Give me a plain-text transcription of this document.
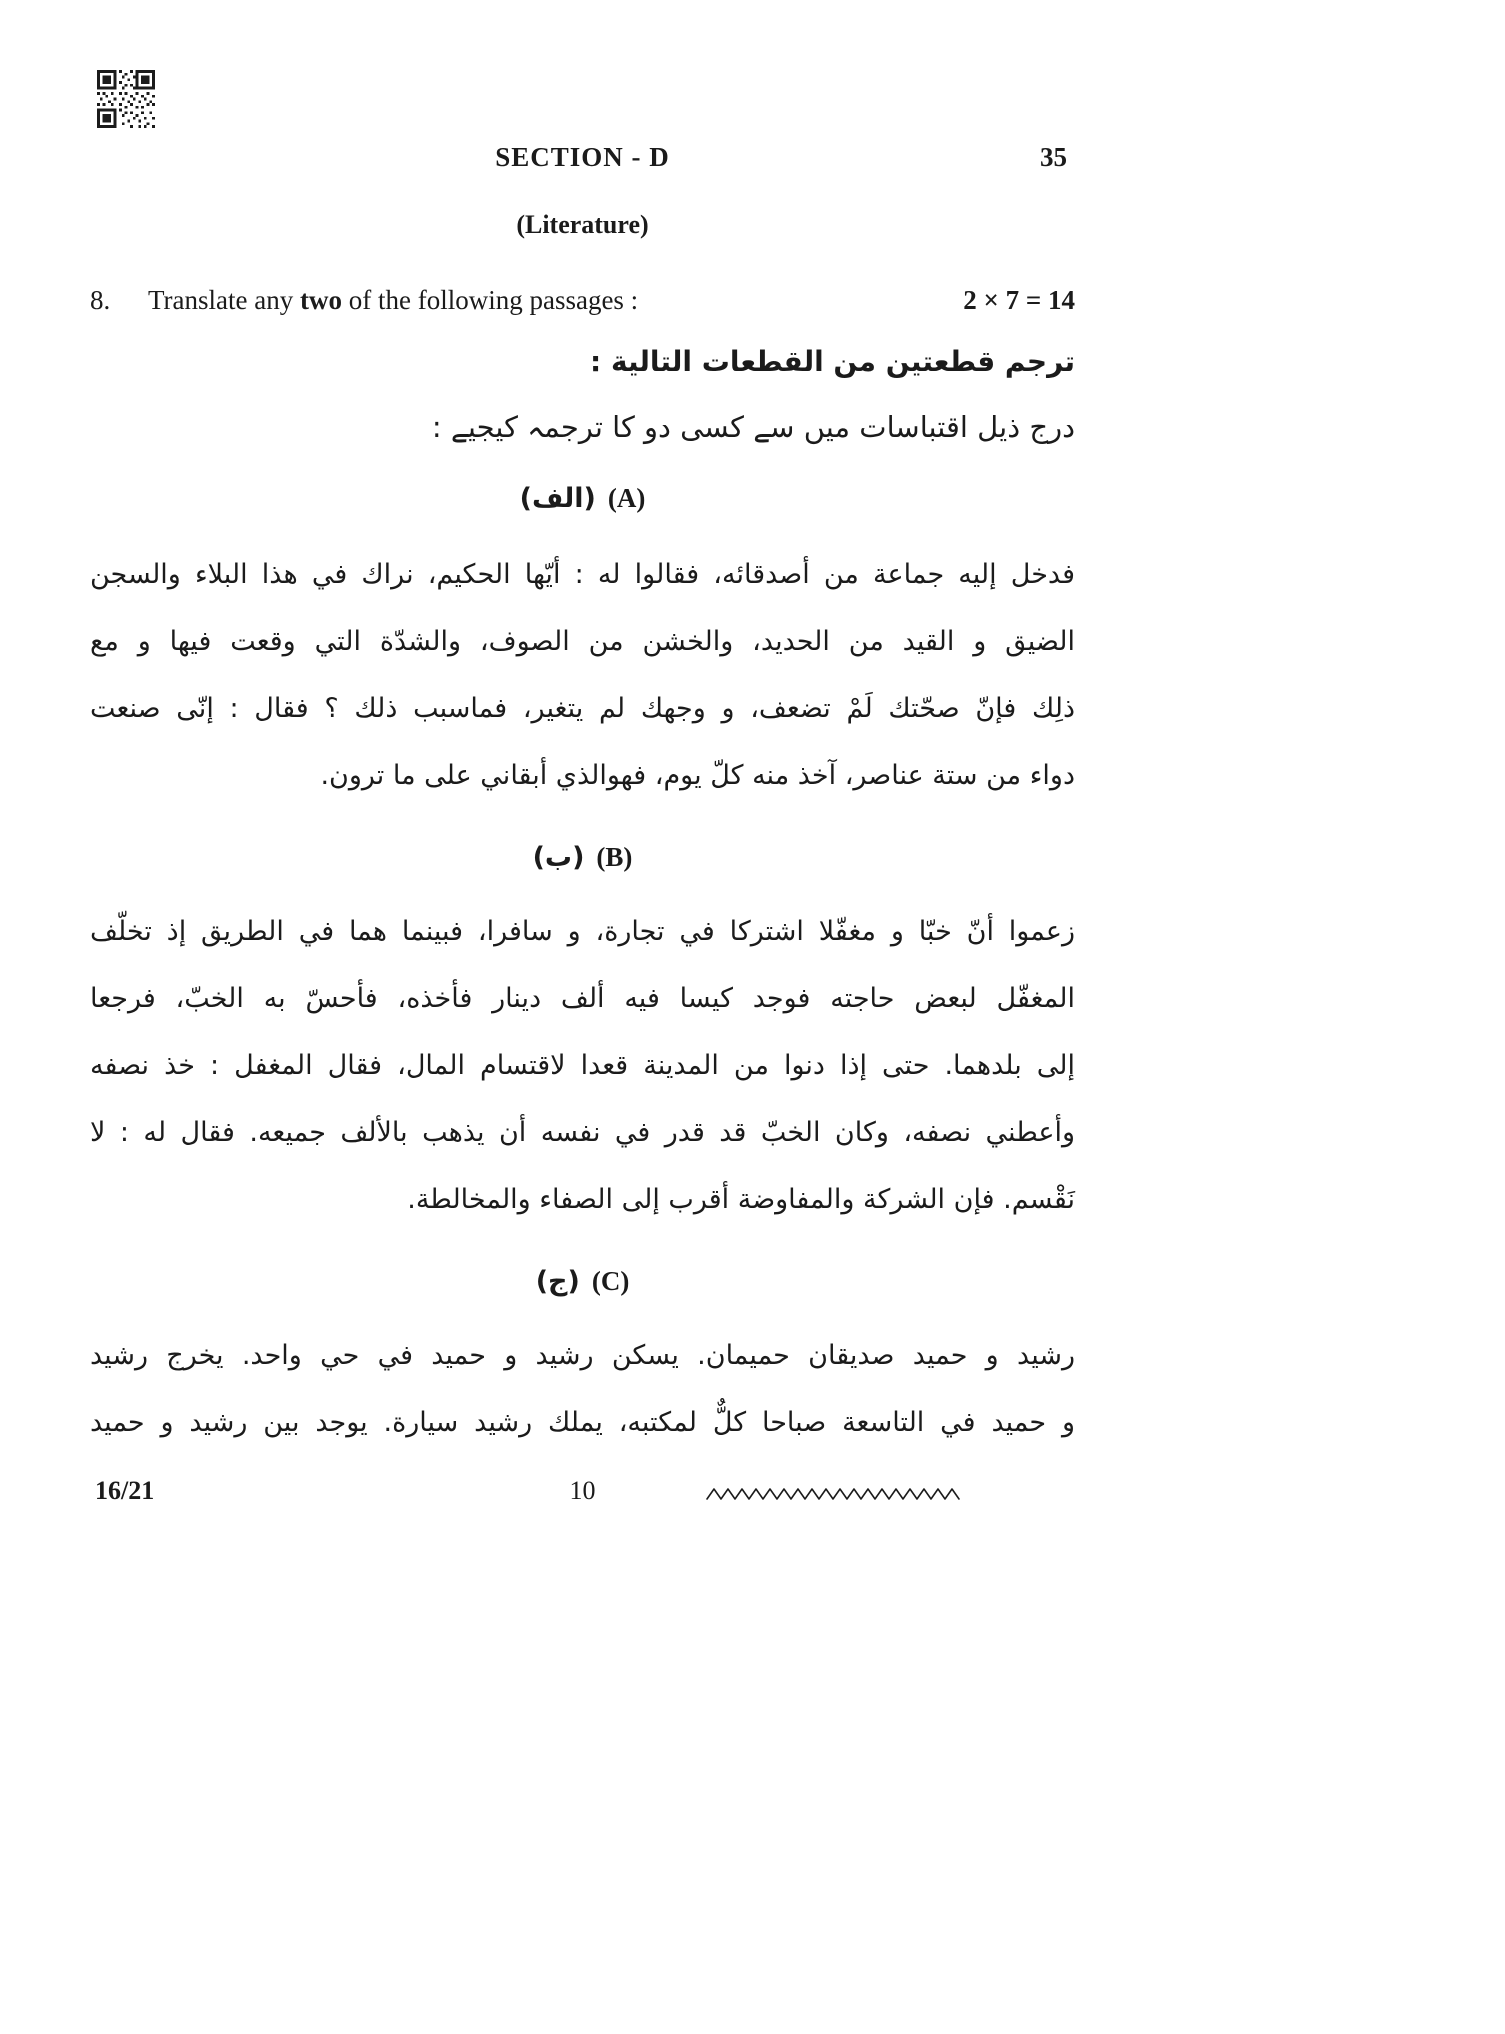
SECTION - D	35
(Literature)
8.	Translate any two of the following passages :	2 × 7 = 14
ترجم قطعتين من القطعات التالية :
درج ذیل اقتباسات میں سے کسی دو کا ترجمہ کیجیے :
(الف) (A)
فدخل إليه جماعة من أصدقائه، فقالوا له : أيّها الحكيم، نراك في هذا البلاء والسجن
الضيق و القيد من الحديد، والخشن من الصوف، والشدّة التي وقعت فيها و مع
ذلِك فإنّ صحّتك لَمْ تضعف، و وجهك لم يتغير، فماسبب ذلك ؟ فقال : إنّى صنعت
دواء من ستة عناصر، آخذ منه كلّ يوم، فهوالذي أبقاني على ما ترون.
(ب) (B)
زعموا أنّ خبّا و مغفّلا اشتركا في تجارة، و سافرا، فبينما هما في الطريق إذ تخلّف
المغفّل لبعض حاجته فوجد كيسا فيه ألف دينار فأخذه، فأحسّ به الخبّ، فرجعا
إلى بلدهما. حتى إذا دنوا من المدينة قعدا لاقتسام المال، فقال المغفل : خذ نصفه
وأعطني نصفه، وكان الخبّ قد قدر في نفسه أن يذهب بالألف جميعه. فقال له : لا
نَقْسم. فإن الشركة والمفاوضة أقرب إلى الصفاء والمخالطة.
(ج) (C)
رشيد و حميد صديقان حميمان. يسكن رشيد و حميد في حي واحد. يخرج رشيد
و حميد في التاسعة صباحا كلٌّ لمكتبه، يملك رشيد سيارة. يوجد بين رشيد و حميد
16/21	10
